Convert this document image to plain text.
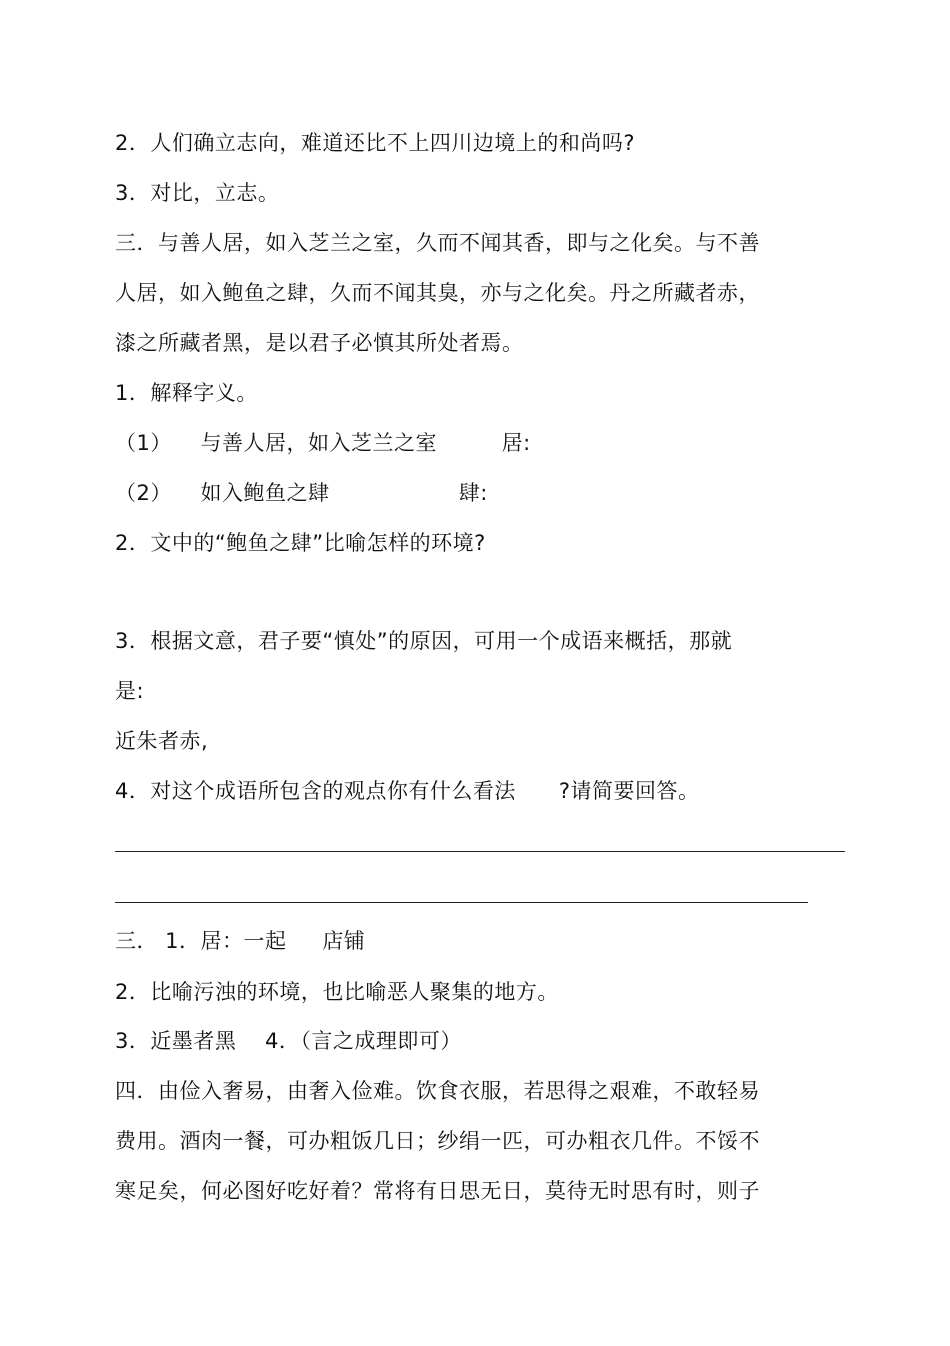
2．人们确立志向，难道还比不上四川边境上的和尚吗?
3．对比，立志。
三．与善人居，如入芝兰之室，久而不闻其香，即与之化矣。与不善
人居，如入鲍鱼之肆，久而不闻其臭，亦与之化矣。丹之所藏者赤，
漆之所藏者黑，是以君子必慎其所处者焉。
1．解释字义。
（1）    与善人居，如入芝兰之室         居:
（2）    如入鲍鱼之肆                  肆:
2．文中的“鲍鱼之肆”比喻怎样的环境?
3．根据文意，君子要“慎处”的原因，可用一个成语来概括，那就
是:
近朱者赤,
4．对这个成语所包含的观点你有什么看法      ?请简要回答。
三． 1．居：一起     店铺
2．比喻污浊的环境，也比喻恶人聚集的地方。
3．近墨者黑    4．（言之成理即可）
四．由俭入奢易，由奢入俭难。饮食衣服，若思得之艰难，不敢轻易
费用。酒肉一餐，可办粗饭几日；纱绢一匹，可办粗衣几件。不馁不
寒足矣，何必图好吃好着？常将有日思无日，莫待无时思有时，则子
